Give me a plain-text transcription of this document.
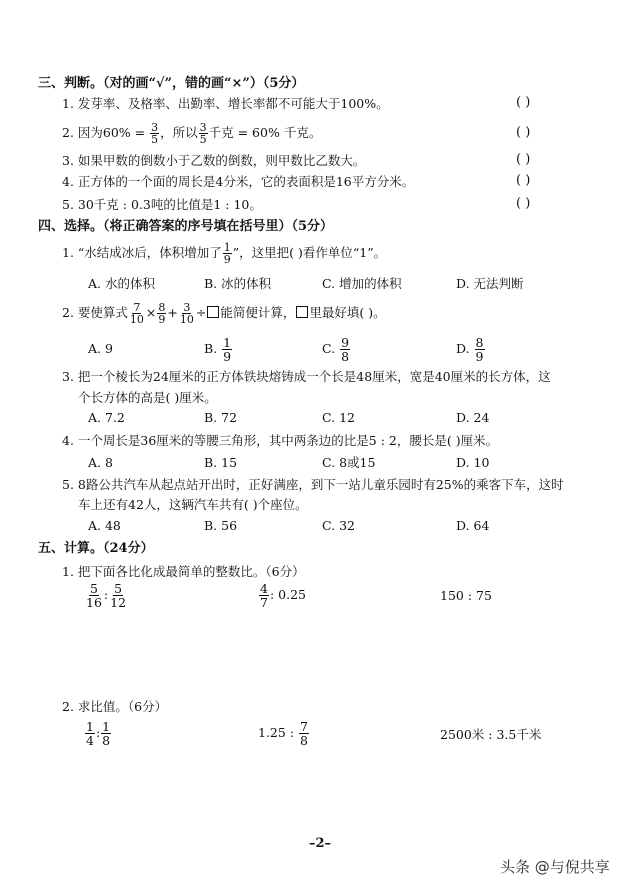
三、判断。（对的画“√”，错的画“×”）（5分）
1. 发芽率、及格率、出勤率、增长率都不可能大于100%。	( )
2. 因为$60\% = \frac{3}{5}$ ，所以 $\frac{3}{5}$ 千克 = 60% 千克。	( )
3. 如果甲数的倒数小于乙数的倒数，则甲数比乙数大。	( )
4. 正方体的一个面的周长是4分米，它的表面积是16平方分米。	( )
5. 30千克 : 0.3吨的比值是1 : 10。	( )
四、选择。（将正确答案的序号填在括号里）（5分）
1. “水结成冰后，体积增加了 $\frac{1}{9}$ ”，这里把( )看作单位“1”。
A. 水的体积	B. 冰的体积	C. 增加的体积	D. 无法判断
2. 要使算式 $\frac{7}{10} \times \frac{8}{9} + \frac{3}{10}$ ÷ 能简便计算， 里最好填( )。
A. 9	B. $\frac{1}{9}$	C. $\frac{9}{8}$	D. $\frac{8}{9}$
3. 把一个棱长为24厘米的正方体铁块熔铸成一个长是48厘米，宽是40厘米的长方体，这
个长方体的高是( )厘米。
A. 7.2	B. 72	C. 12	D. 24
4. 一个周长是36厘米的等腰三角形，其中两条边的比是5 : 2，腰长是( )厘米。
A. 8	B. 15	C. 8或15	D. 10
5. 8路公共汽车从起点站开出时，正好满座，到下一站儿童乐园时有25%的乘客下车，这时
车上还有42人，这辆汽车共有( )个座位。
A. 48	B. 56	C. 32	D. 64
五、计算。（24分）
1. 把下面各比化成最简单的整数比。（6分）
$\frac{5}{16}$ : $\frac{5}{12}$	$\frac{4}{7}$ : 0.25	150 : 75
2. 求比值。（6分）
$\frac{1}{4}$ : $\frac{1}{8}$	1.25 : $\frac{7}{8}$	2500米 : 3.5千米
–2–
头条 @与倪共享
